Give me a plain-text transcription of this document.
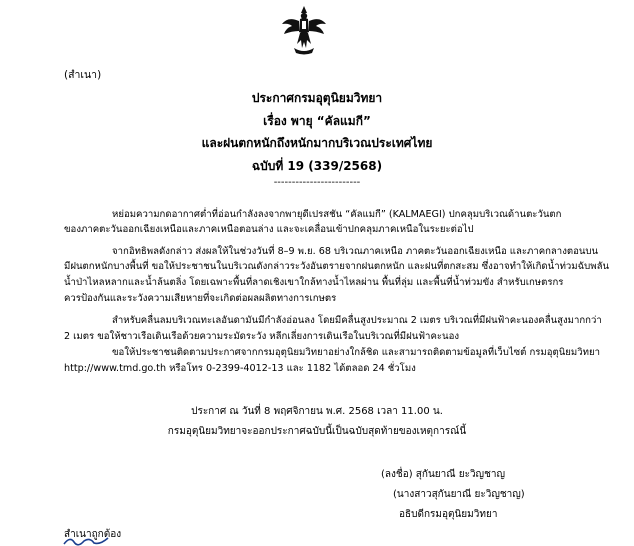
(สำเนา)
ประกาศกรมอุตุนิยมวิทยา
เรื่อง พายุ “คัลแมกี”
และฝนตกหนักถึงหนักมากบริเวณประเทศไทย
ฉบับที่ 19 (339/2568)
------------------------
หย่อมความกดอากาศต่ำที่อ่อนกำลังลงจากพายุดีเปรสชัน “คัลแมกี” (KALMAEGI) ปกคลุมบริเวณด้านตะวันตก
ของภาคตะวันออกเฉียงเหนือและภาคเหนือตอนล่าง และจะเคลื่อนเข้าปกคลุมภาคเหนือในระยะต่อไป
จากอิทธิพลดังกล่าว ส่งผลให้ในช่วงวันที่ 8–9 พ.ย. 68 บริเวณภาคเหนือ ภาคตะวันออกเฉียงเหนือ และภาคกลางตอนบน
มีฝนตกหนักบางพื้นที่ ขอให้ประชาชนในบริเวณดังกล่าวระวังอันตรายจากฝนตกหนัก และฝนที่ตกสะสม ซึ่งอาจทำให้เกิดน้ำท่วมฉับพลัน
น้ำป่าไหลหลากและน้ำล้นตลิ่ง โดยเฉพาะพื้นที่ลาดเชิงเขาใกล้ทางน้ำไหลผ่าน พื้นที่ลุ่ม และพื้นที่น้ำท่วมขัง สำหรับเกษตรกร
ควรป้องกันและระวังความเสียหายที่จะเกิดต่อผลผลิตทางการเกษตร
สำหรับคลื่นลมบริเวณทะเลอันดามันมีกำลังอ่อนลง โดยมีคลื่นสูงประมาณ 2 เมตร บริเวณที่มีฝนฟ้าคะนองคลื่นสูงมากกว่า
2 เมตร ขอให้ชาวเรือเดินเรือด้วยความระมัดระวัง หลีกเลี่ยงการเดินเรือในบริเวณที่มีฝนฟ้าคะนอง
ขอให้ประชาชนติดตามประกาศจากกรมอุตุนิยมวิทยาอย่างใกล้ชิด และสามารถติดตามข้อมูลที่เว็บไซต์ กรมอุตุนิยมวิทยา
http://www.tmd.go.th หรือโทร 0-2399-4012-13 และ 1182 ได้ตลอด 24 ชั่วโมง
ประกาศ ณ วันที่ 8 พฤศจิกายน พ.ศ. 2568 เวลา 11.00 น.
กรมอุตุนิยมวิทยาจะออกประกาศฉบับนี้เป็นฉบับสุดท้ายของเหตุการณ์นี้
(ลงชื่อ) สุกันยาณี ยะวิญชาญ
(นางสาวสุกันยาณี ยะวิญชาญ)
อธิบดีกรมอุตุนิยมวิทยา
สำเนาถูกต้อง
